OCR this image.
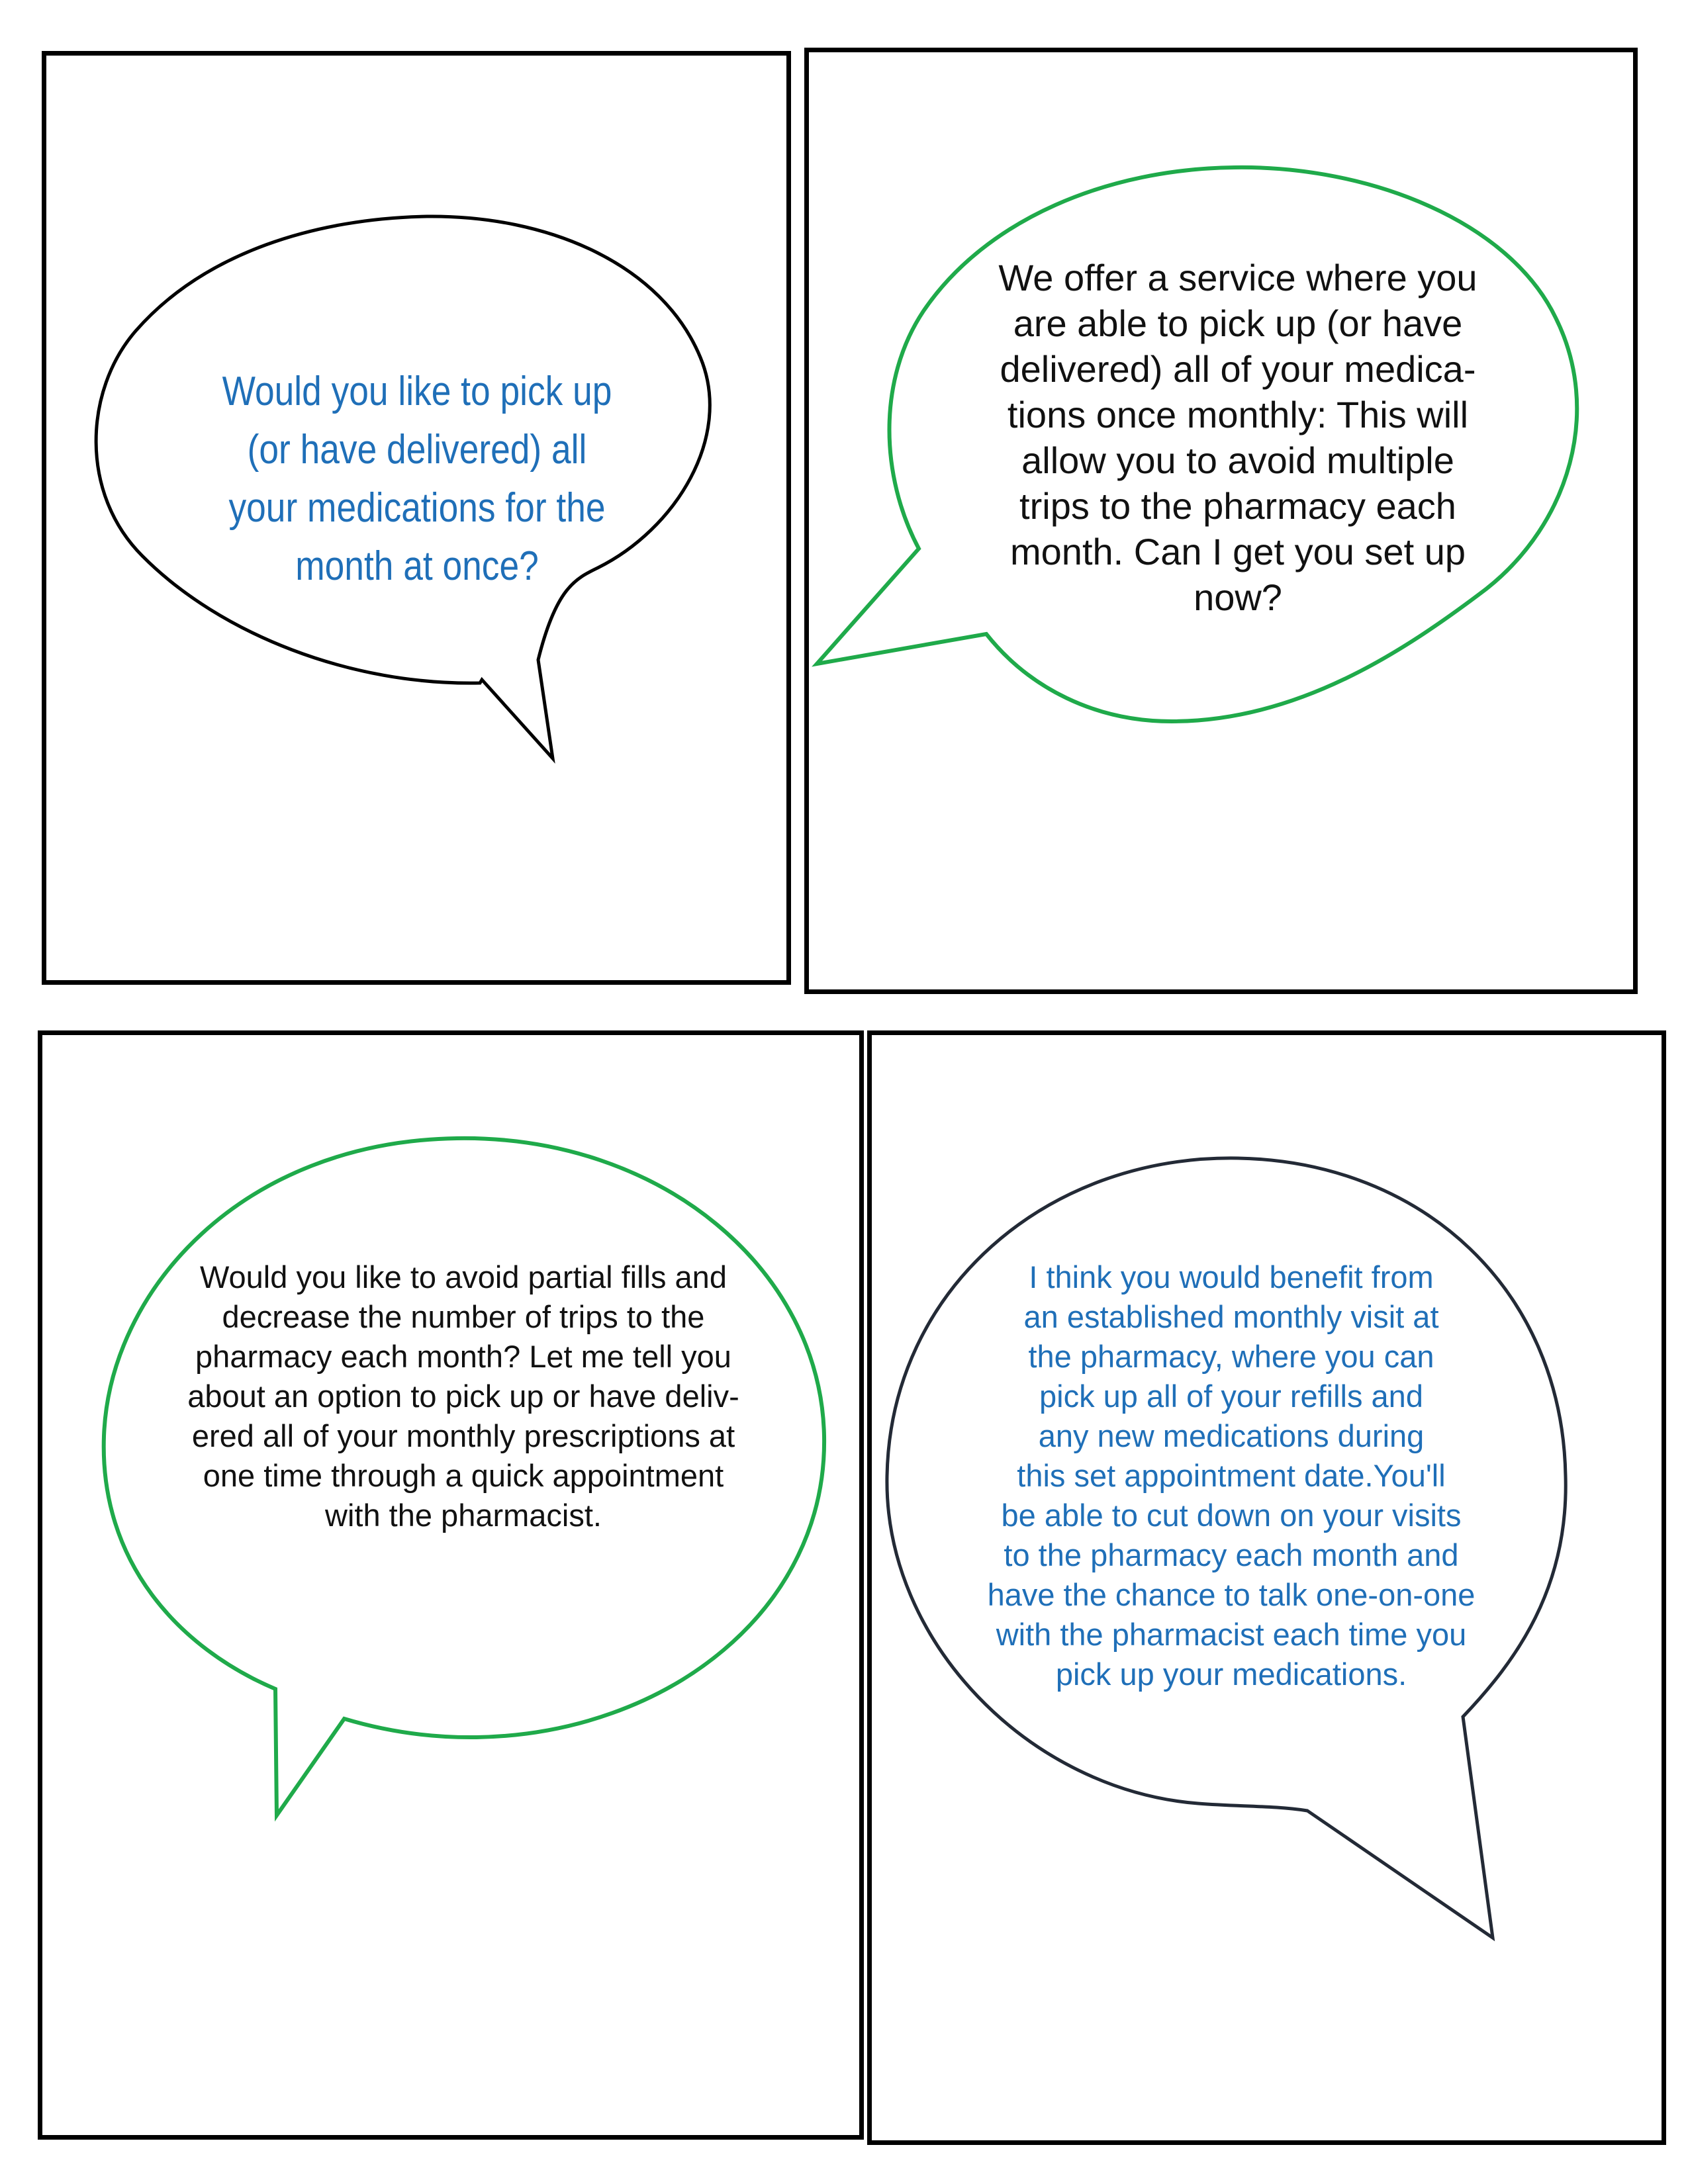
Would you like to pick up
(or have delivered) all
your medications for the
month at once?

We offer a service where you
are able to pick up (or have
delivered) all of your medica-
tions once monthly: This will
allow you to avoid multiple
trips to the pharmacy each
month. Can I get you set up
now?

Would you like to avoid partial fills and
decrease the number of trips to the
pharmacy each month? Let me tell you
about an option to pick up or have deliv-
ered all of your monthly prescriptions at
one time through a quick appointment
with the pharmacist.

I think you would benefit from
an established monthly visit at
the pharmacy, where you can
pick up all of your refills and
any new medications during
this set appointment date.You'll
be able to cut down on your visits
to the pharmacy each month and
have the chance to talk one-on-one
with the pharmacist each time you
pick up your medications.
